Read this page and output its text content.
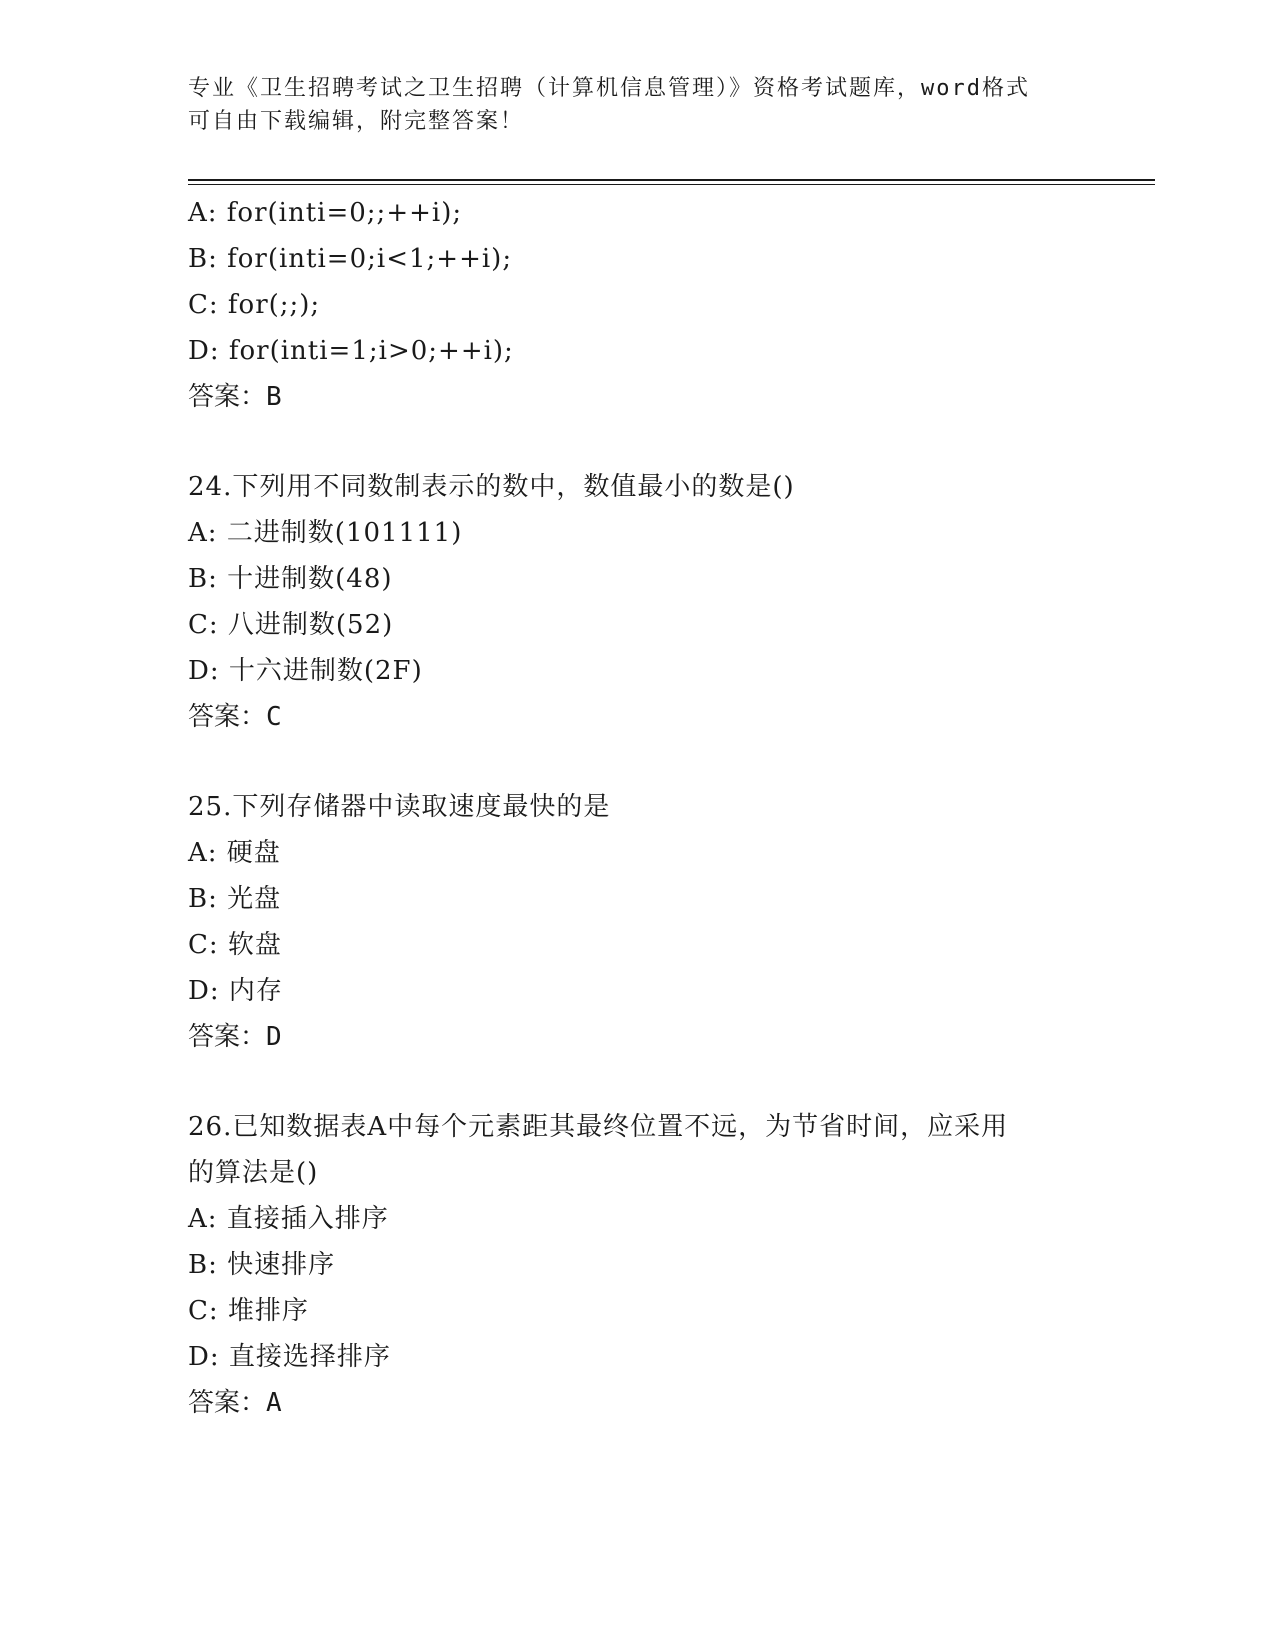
专业《卫生招聘考试之卫生招聘（计算机信息管理）》资格考试题库，word格式
可自由下载编辑，附完整答案！
A: for(inti=0;;++i);
B: for(inti=0;i<1;++i);
C: for(;;);
D: for(inti=1;i>0;++i);
答案：B
24.下列用不同数制表示的数中，数值最小的数是()
A: 二进制数(101111)
B: 十进制数(48)
C: 八进制数(52)
D: 十六进制数(2F)
答案：C
25.下列存储器中读取速度最快的是
A: 硬盘
B: 光盘
C: 软盘
D: 内存
答案：D
26.已知数据表A中每个元素距其最终位置不远，为节省时间，应采用
的算法是()
A: 直接插入排序
B: 快速排序
C: 堆排序
D: 直接选择排序
答案：A
